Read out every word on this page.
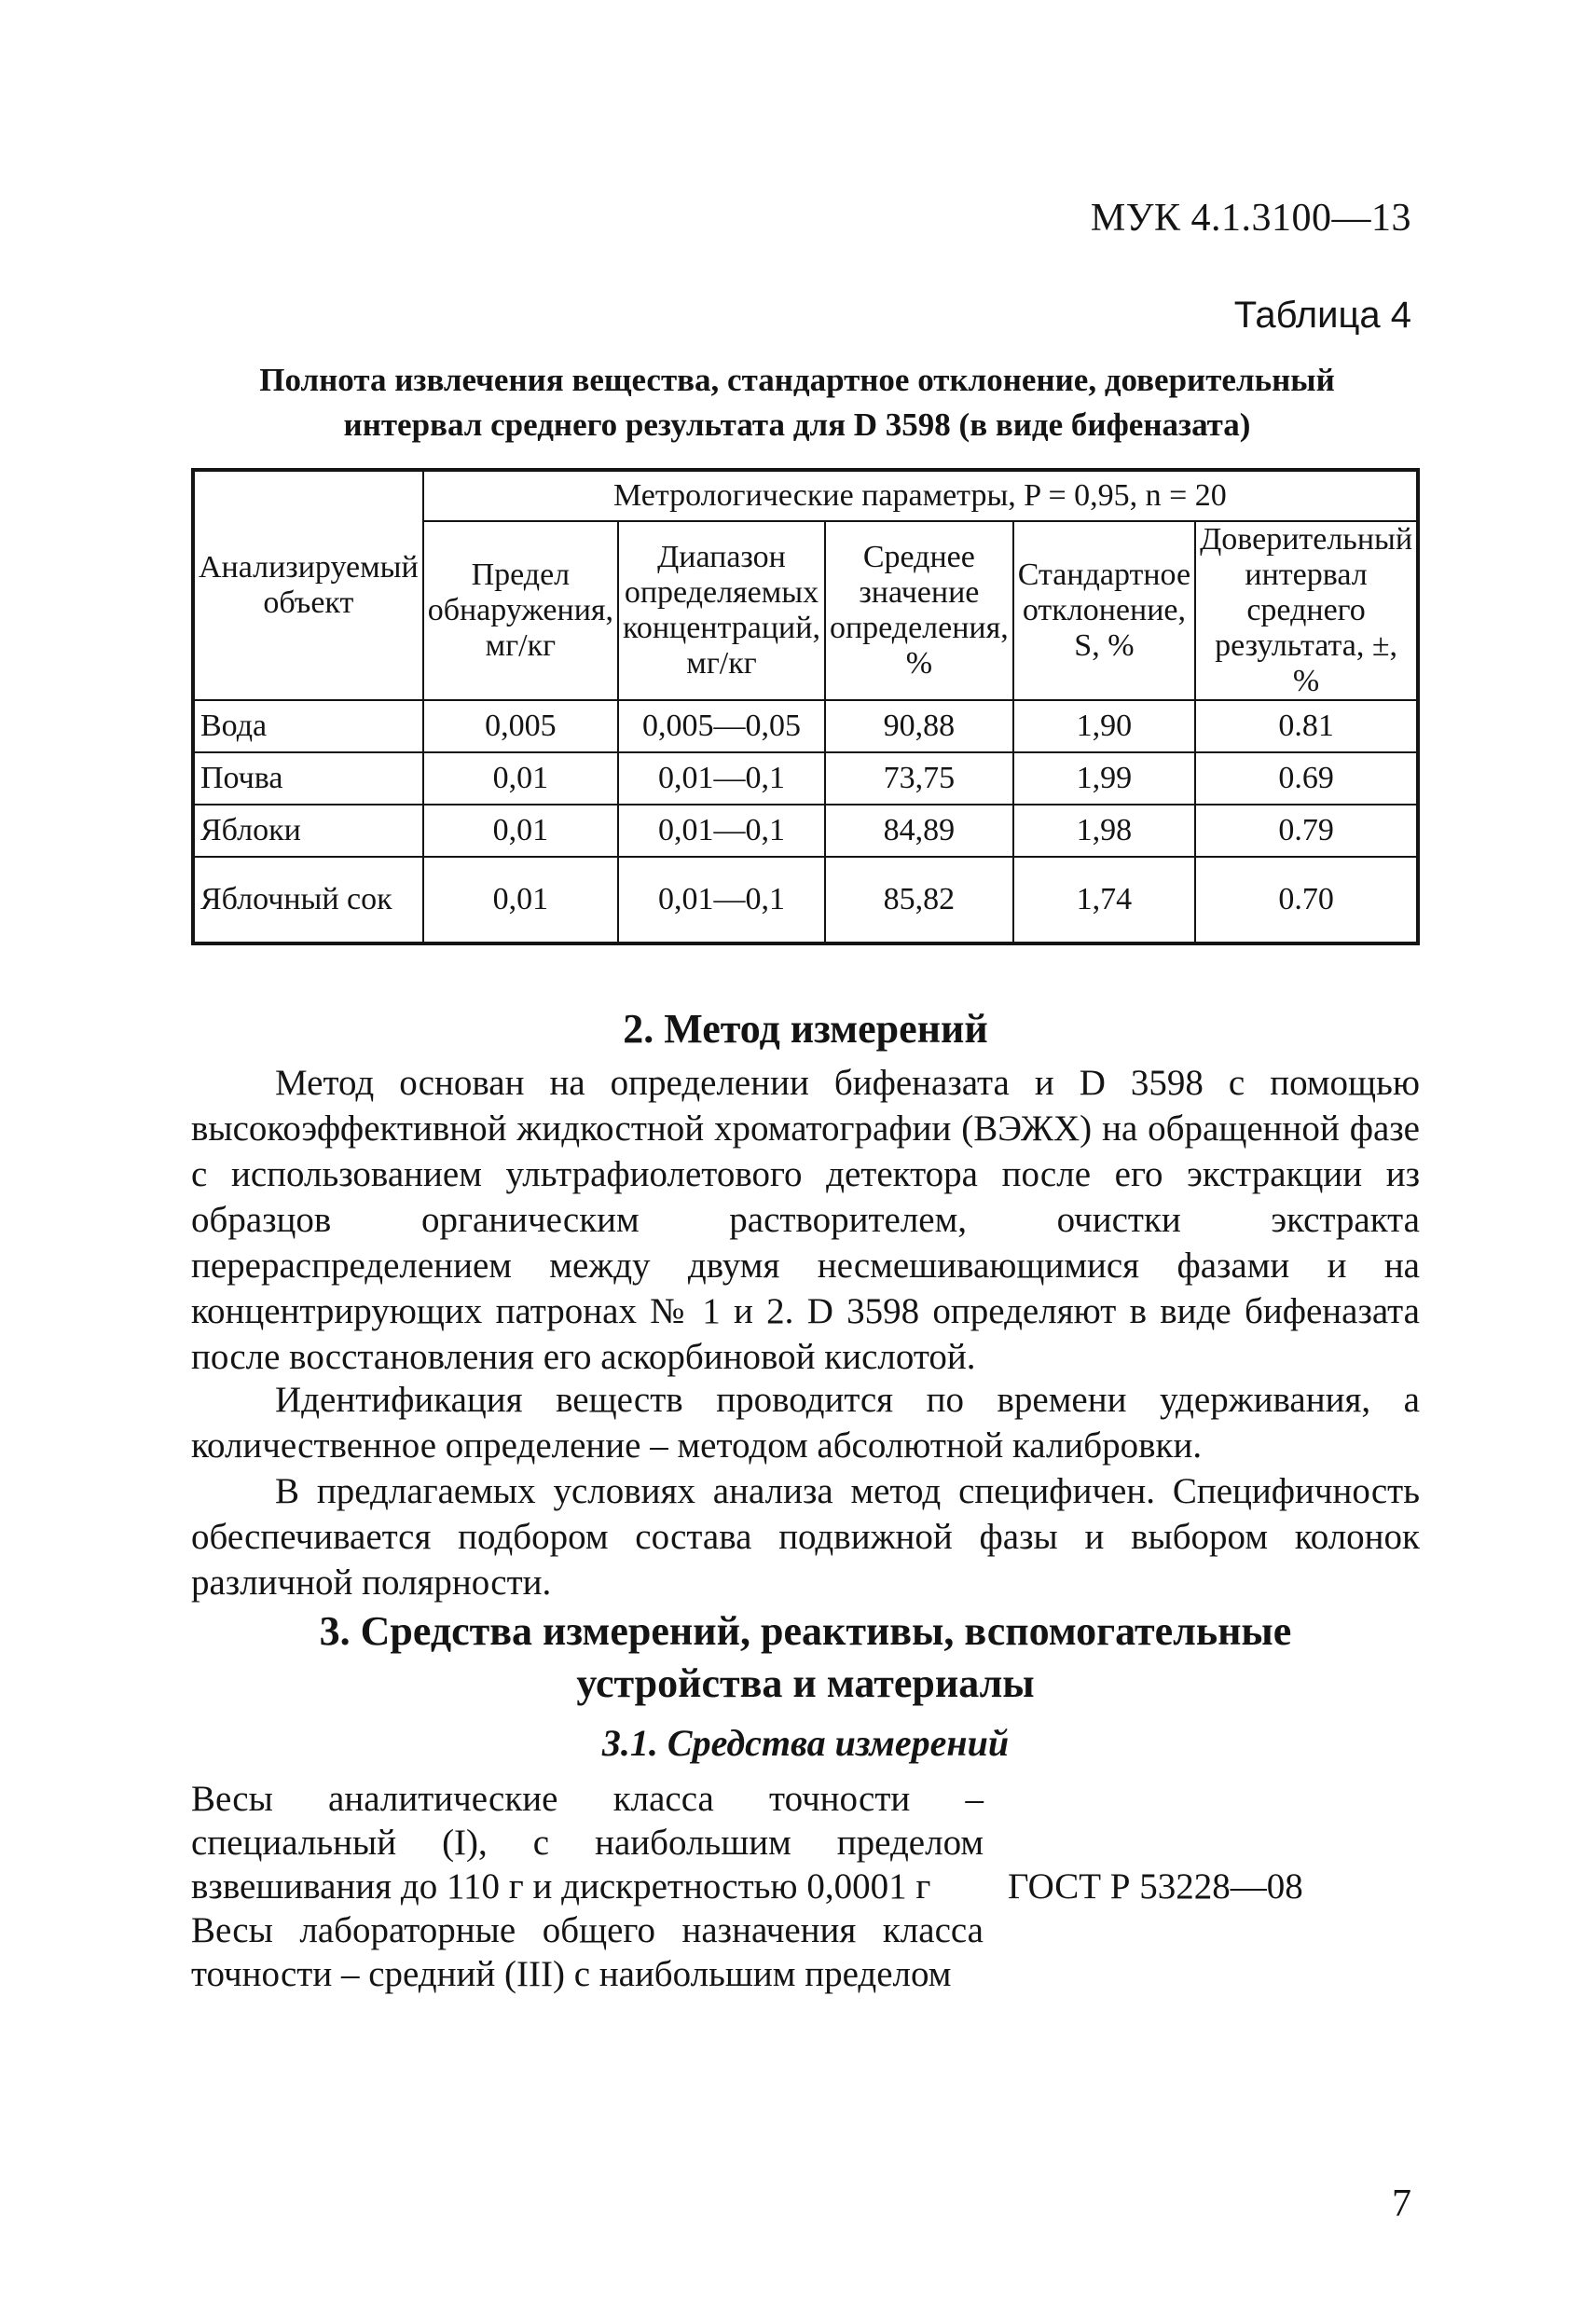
МУК 4.1.3100—13
Таблица 4
Полнота извлечения вещества, стандартное отклонение, доверительный
интервал среднего результата для D 3598 (в виде бифеназата)
Анализируемый объект	Метрологические параметры, P = 0,95, n = 20				
	Предел обнаружения, мг/кг	Диапазон определяемых концентраций, мг/кг	Среднее значение определения, %	Стандартное отклонение, S, %	Доверительный интервал среднего результата, ±, %
Вода	0,005	0,005—0,05	90,88	1,90	0.81
Почва	0,01	0,01—0,1	73,75	1,99	0.69
Яблоки	0,01	0,01—0,1	84,89	1,98	0.79
Яблочный сок	0,01	0,01—0,1	85,82	1,74	0.70
2. Метод измерений

Метод основан на определении бифеназата и D 3598 с помощью высокоэффективной жидкостной хроматографии (ВЭЖХ) на обращенной фазе с использованием ультрафиолетового детектора после его экстракции из образцов органическим растворителем, очистки экстракта перераспределением между двумя несмешивающимися фазами и на концентрирующих патронах № 1 и 2. D 3598 определяют в виде бифеназата после восстановления его аскорбиновой кислотой.

Идентификация веществ проводится по времени удерживания, а количественное определение – методом абсолютной калибровки.

В предлагаемых условиях анализа метод специфичен. Специфичность обеспечивается подбором состава подвижной фазы и выбором колонок различной полярности.

3. Средства измерений, реактивы, вспомогательные
устройства и материалы
3.1. Средства измерений
Весы аналитические класса точности – специальный (I), с наибольшим пределом взвешивания до 110 г и дискретностью 0,0001 г	ГОСТ Р 53228—08
Весы лабораторные общего назначения класса точности – средний (III) с наибольшим пределом
7
